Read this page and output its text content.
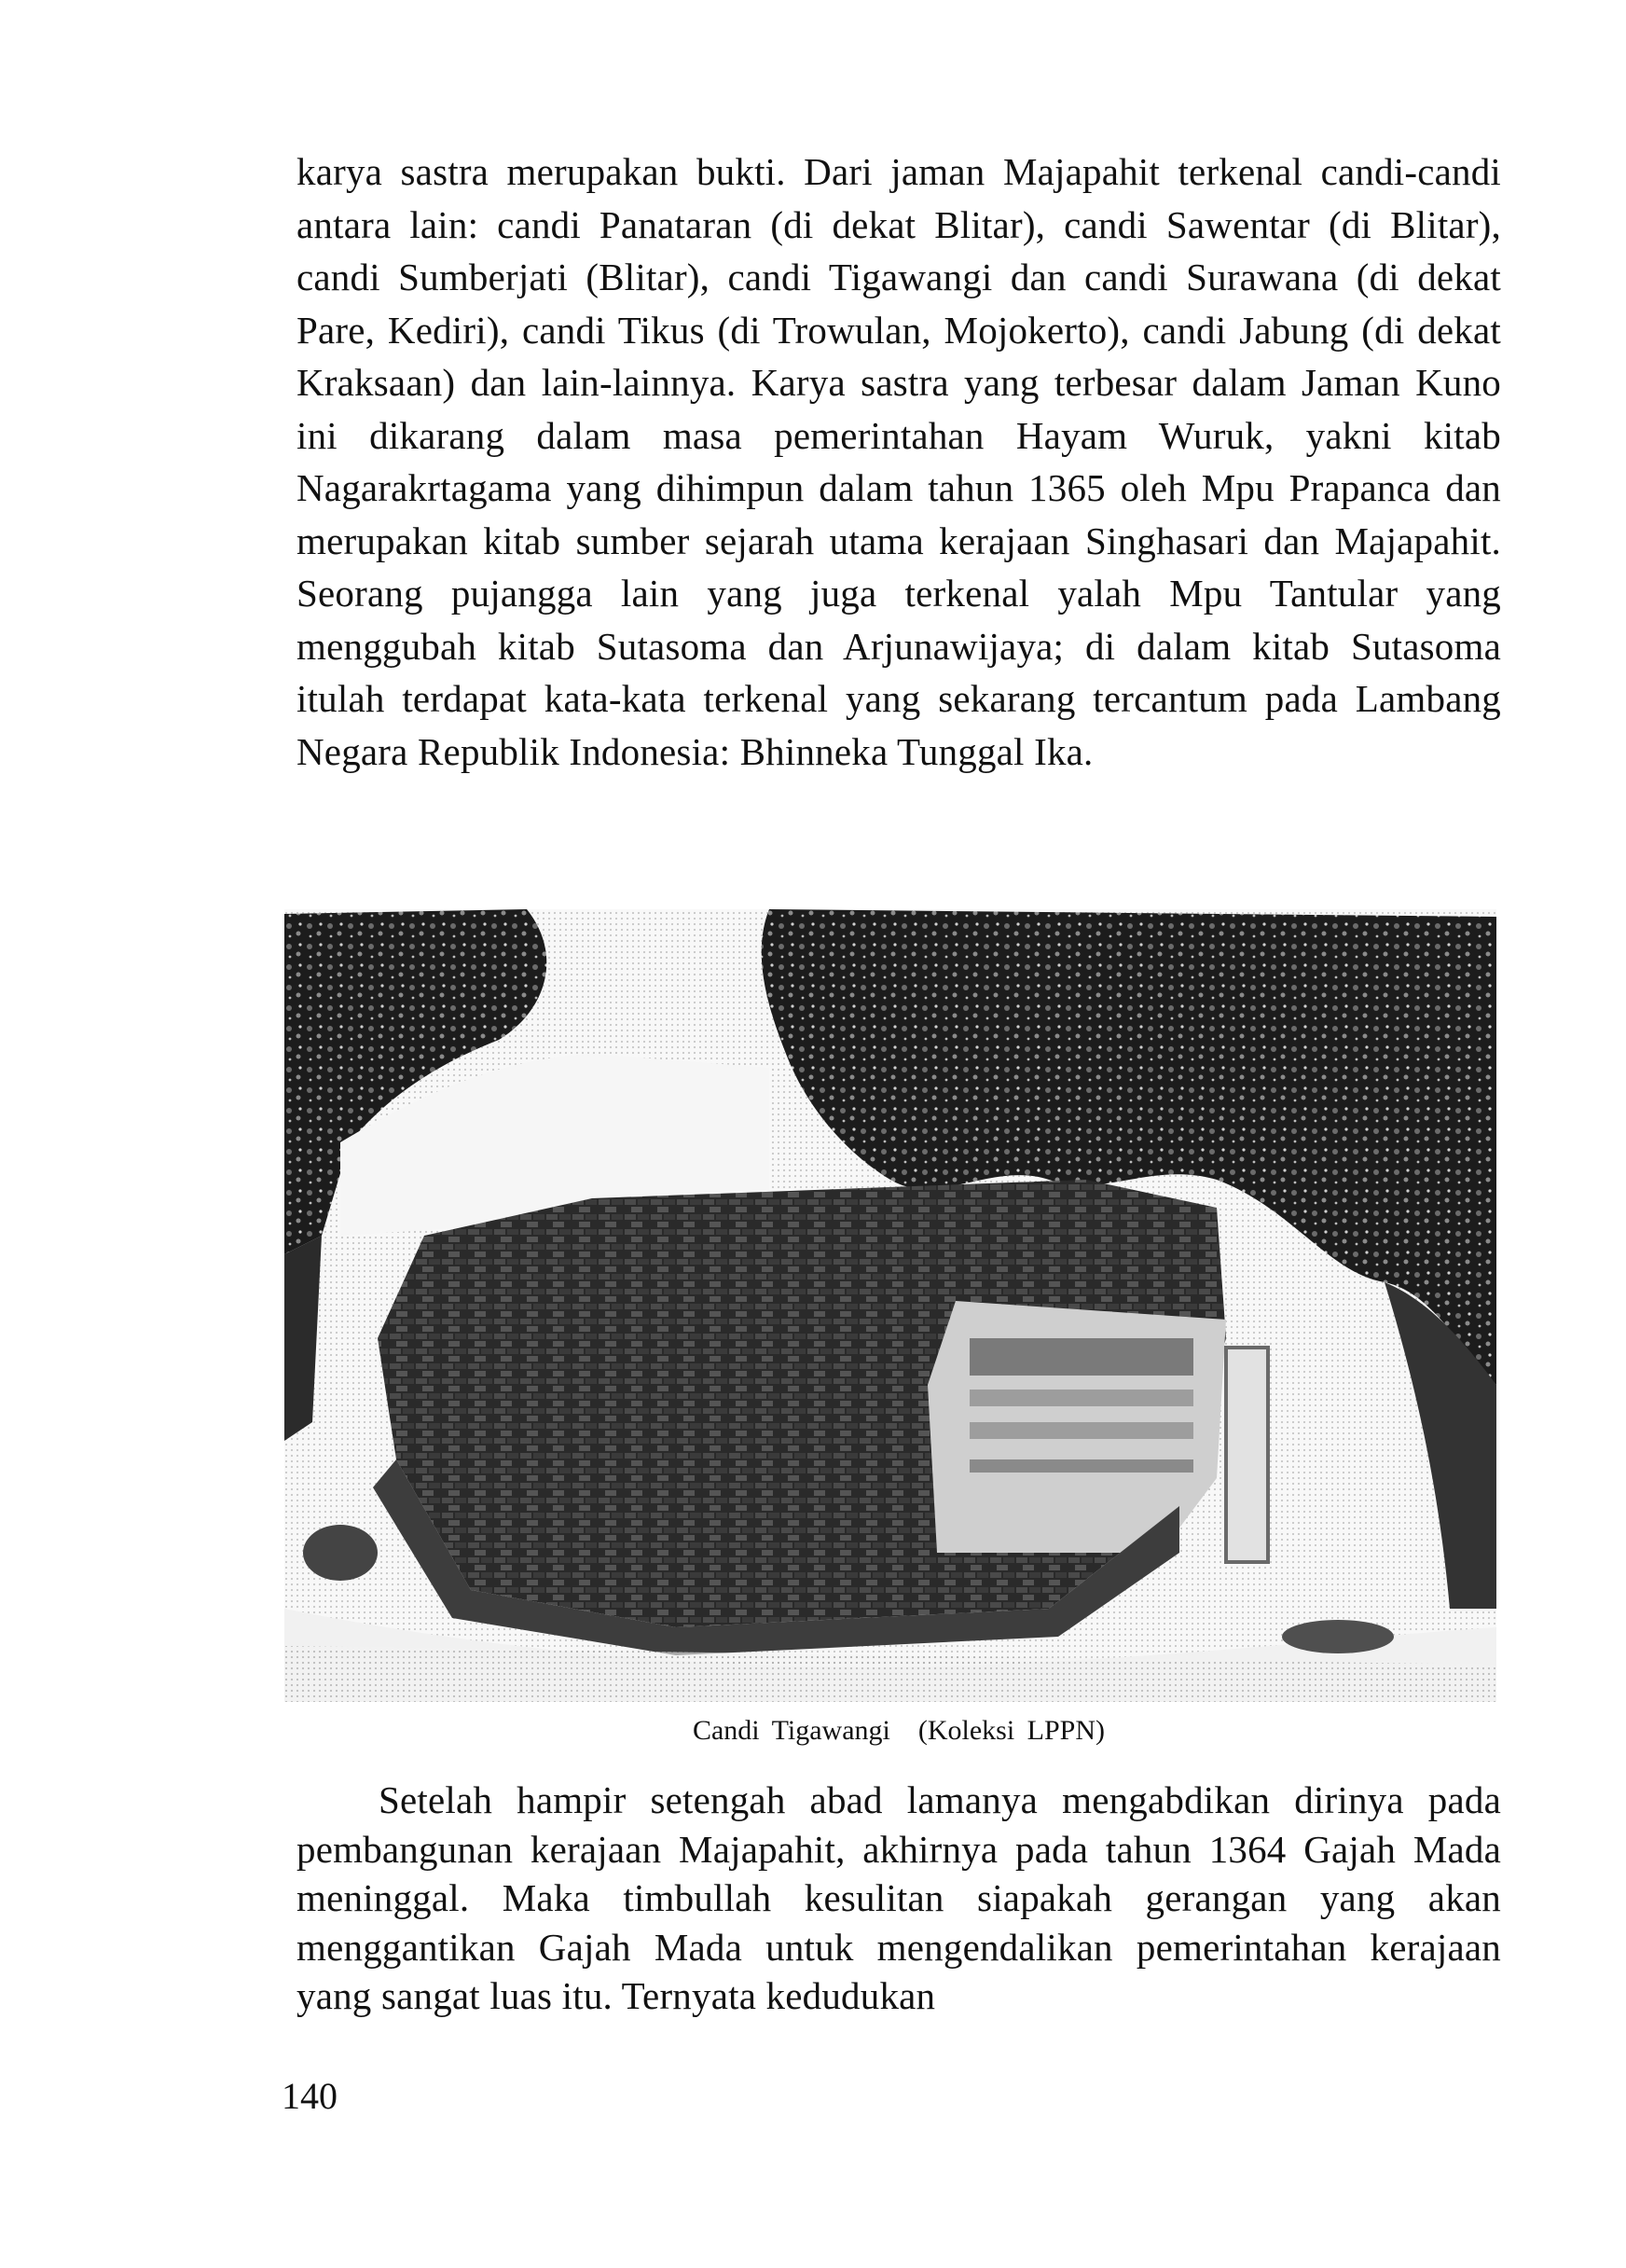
karya sastra merupakan bukti. Dari jaman Majapahit terkenal candi-candi antara lain: candi Panataran (di dekat Blitar), candi Sawentar (di Blitar), candi Sumberjati (Blitar), candi Tigawangi dan candi Surawana (di dekat Pare, Kediri), candi Tikus (di Trowulan, Mojokerto), candi Jabung (di dekat Kraksaan) dan lain-lainnya. Karya sastra yang terbesar dalam Jaman Kuno ini dikarang dalam masa pemerintahan Hayam Wuruk, yakni kitab Nagarakrtagama yang dihimpun dalam tahun 1365 oleh Mpu Prapanca dan merupakan kitab sumber sejarah utama kerajaan Singhasari dan Majapahit. Seorang pujangga lain yang juga terkenal yalah Mpu Tantular yang menggubah kitab Sutasoma dan Arjunawijaya; di dalam kitab Sutasoma itulah terdapat kata-kata terkenal yang sekarang tercantum pada Lambang Negara Republik Indonesia: Bhinneka Tunggal Ika.

Candi Tigawangi (Koleksi LPPN)

Setelah hampir setengah abad lamanya mengabdikan dirinya pada pembangunan kerajaan Majapahit, akhirnya pada tahun 1364 Gajah Mada meninggal. Maka timbullah kesulitan siapakah gerangan yang akan menggantikan Gajah Mada untuk mengendalikan pemerintahan kerajaan yang sangat luas itu. Ternyata kedudukan

140
